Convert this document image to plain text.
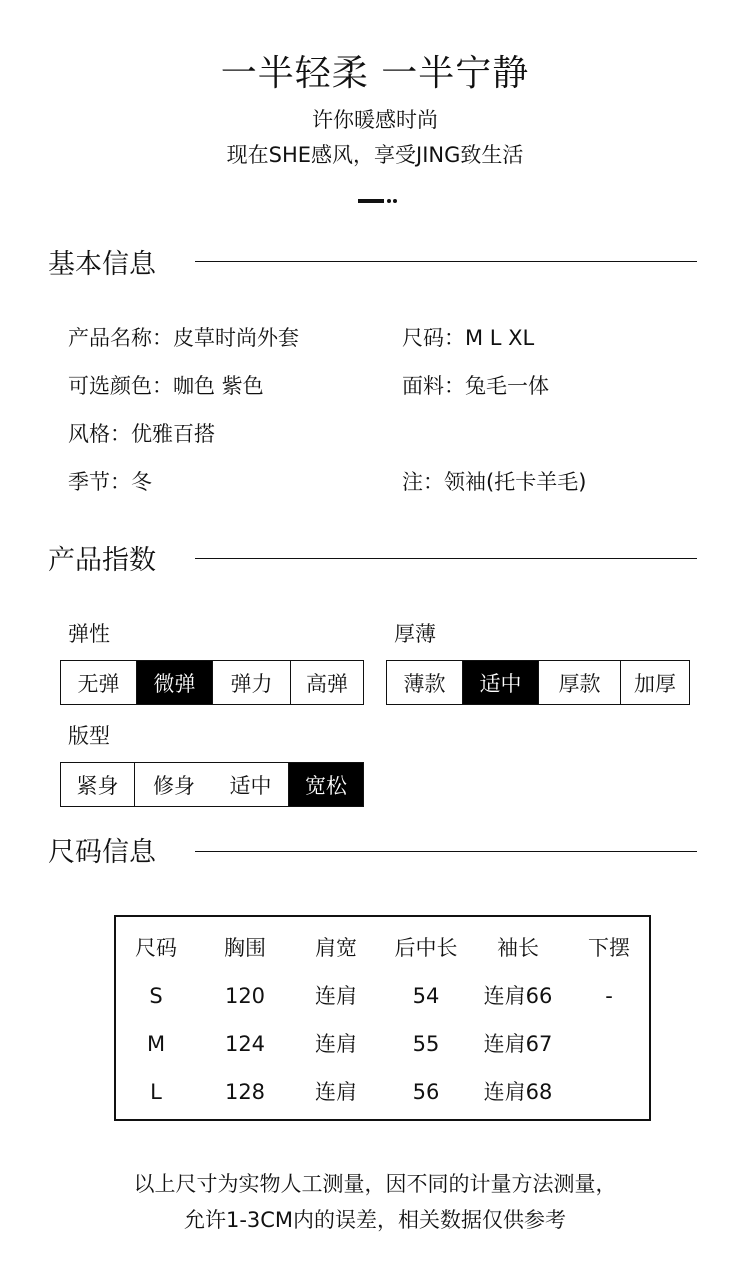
一半轻柔 一半宁静
许你暖感时尚
现在SHE感风，享受JING致生活
基本信息
产品名称：皮草时尚外套	尺码：M L XL
可选颜色：咖色 紫色	面料：兔毛一体
风格：优雅百搭
季节：冬	注：领袖(托卡羊毛)
产品指数
弹性
无弹	微弹	弹力	高弹
厚薄
薄款	适中	厚款	加厚
版型
紧身	修身	适中	宽松
尺码信息
尺码	胸围	肩宽	后中长	袖长	下摆
S	120	连肩	54	连肩66	-
M	124	连肩	55	连肩67
L	128	连肩	56	连肩68
以上尺寸为实物人工测量，因不同的计量方法测量，
允许1-3CM内的误差，相关数据仅供参考
